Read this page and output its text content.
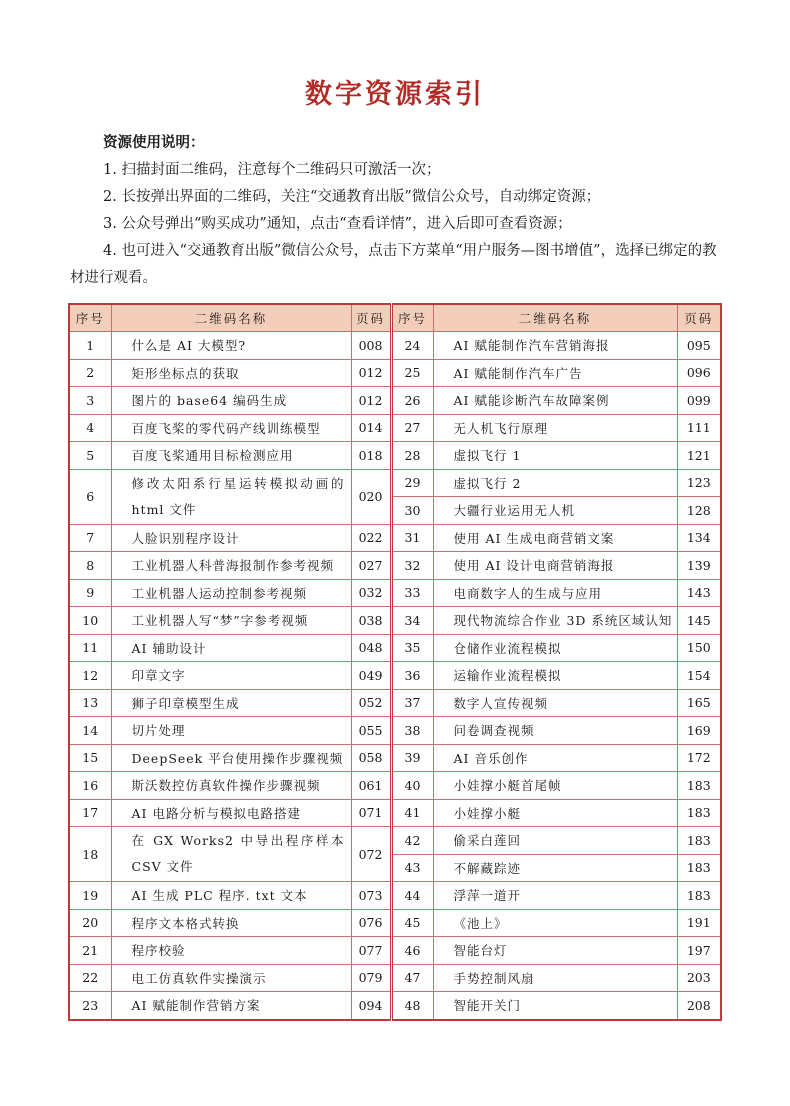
数字资源索引
资源使用说明：
1. 扫描封面二维码，注意每个二维码只可激活一次；
2. 长按弹出界面的二维码，关注“交通教育出版”微信公众号，自动绑定资源；
3. 公众号弹出“购买成功”通知，点击“查看详情”，进入后即可查看资源；
4. 也可进入“交通教育出版”微信公众号，点击下方菜单“用户服务—图书增值”，选择已绑定的教材进行观看。
序号	二维码名称	页码	序号	二维码名称	页码
1	什么是 AI 大模型?	008	24	AI 赋能制作汽车营销海报	095
2	矩形坐标点的获取	012	25	AI 赋能制作汽车广告	096
3	图片的 base64 编码生成	012	26	AI 赋能诊断汽车故障案例	099
4	百度飞桨的零代码产线训练模型	014	27	无人机飞行原理	111
5	百度飞桨通用目标检测应用	018	28	虚拟飞行 1	121
6	修改太阳系行星运转模拟动画的 html 文件	020	29	虚拟飞行 2	123
			30	大疆行业运用无人机	128
7	人脸识别程序设计	022	31	使用 AI 生成电商营销文案	134
8	工业机器人科普海报制作参考视频	027	32	使用 AI 设计电商营销海报	139
9	工业机器人运动控制参考视频	032	33	电商数字人的生成与应用	143
10	工业机器人写“梦”字参考视频	038	34	现代物流综合作业 3D 系统区域认知	145
11	AI 辅助设计	048	35	仓储作业流程模拟	150
12	印章文字	049	36	运输作业流程模拟	154
13	狮子印章模型生成	052	37	数字人宣传视频	165
14	切片处理	055	38	问卷调查视频	169
15	DeepSeek 平台使用操作步骤视频	058	39	AI 音乐创作	172
16	斯沃数控仿真软件操作步骤视频	061	40	小娃撑小艇首尾帧	183
17	AI 电路分析与模拟电路搭建	071	41	小娃撑小艇	183
18	在 GX Works2 中导出程序样本 CSV 文件	072	42	偷采白莲回	183
			43	不解藏踪迹	183
19	AI 生成 PLC 程序. txt 文本	073	44	浮萍一道开	183
20	程序文本格式转换	076	45	《池上》	191
21	程序校验	077	46	智能台灯	197
22	电工仿真软件实操演示	079	47	手势控制风扇	203
23	AI 赋能制作营销方案	094	48	智能开关门	208
